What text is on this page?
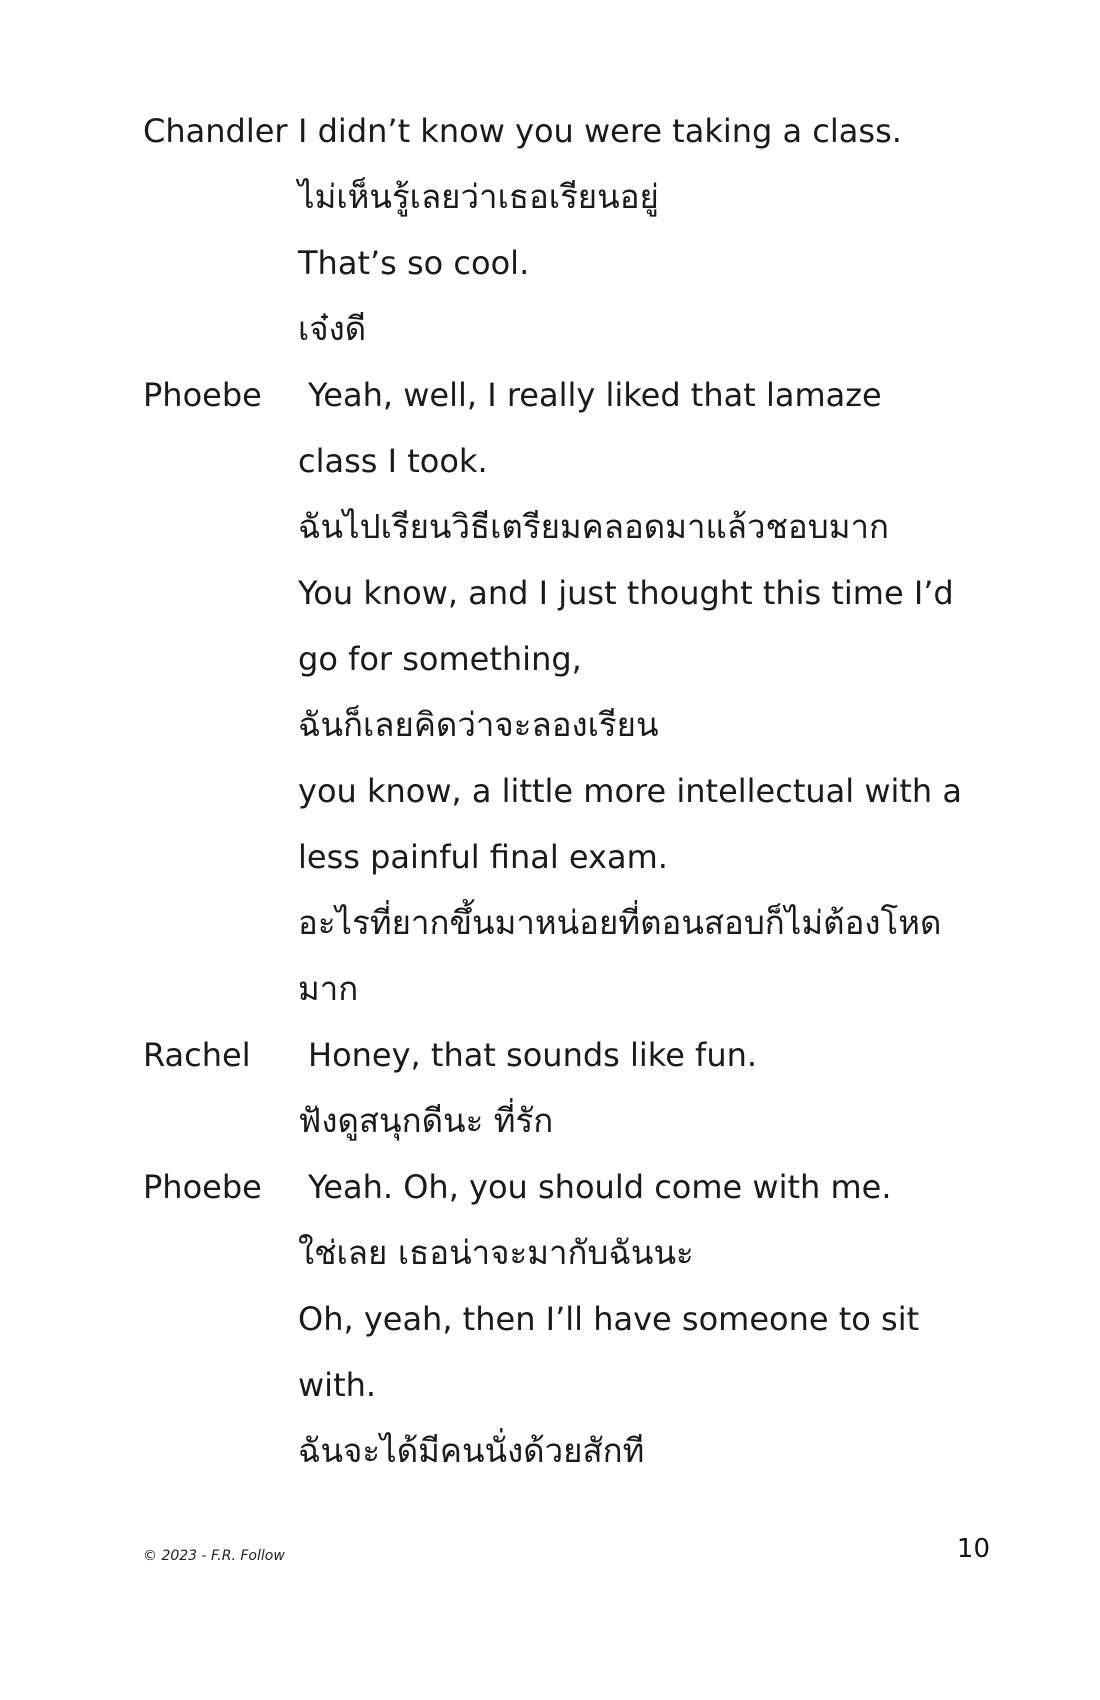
Chandler I didn’t know you were taking a class.
ไม่เห็นรู้เลยว่าเธอเรียนอยู่
That’s so cool.
เจ๋งดี
Phoebe	Yeah, well, I really liked that lamaze
class I took.
ฉันไปเรียนวิธีเตรียมคลอดมาแล้วชอบมาก
You know, and I just thought this time I’d
go for something,
ฉันก็เลยคิดว่าจะลองเรียน
you know, a little more intellectual with a
less painful final exam.
อะไรที่ยากขึ้นมาหน่อยที่ตอนสอบก็ไม่ต้องโหด
มาก
Rachel	Honey, that sounds like fun.
ฟังดูสนุกดีนะ ที่รัก
Phoebe	Yeah. Oh, you should come with me.
ใช่เลย เธอน่าจะมากับฉันนะ
Oh, yeah, then I’ll have someone to sit
with.
ฉันจะได้มีคนนั่งด้วยสักที
© 2023 - F.R. Follow	10
